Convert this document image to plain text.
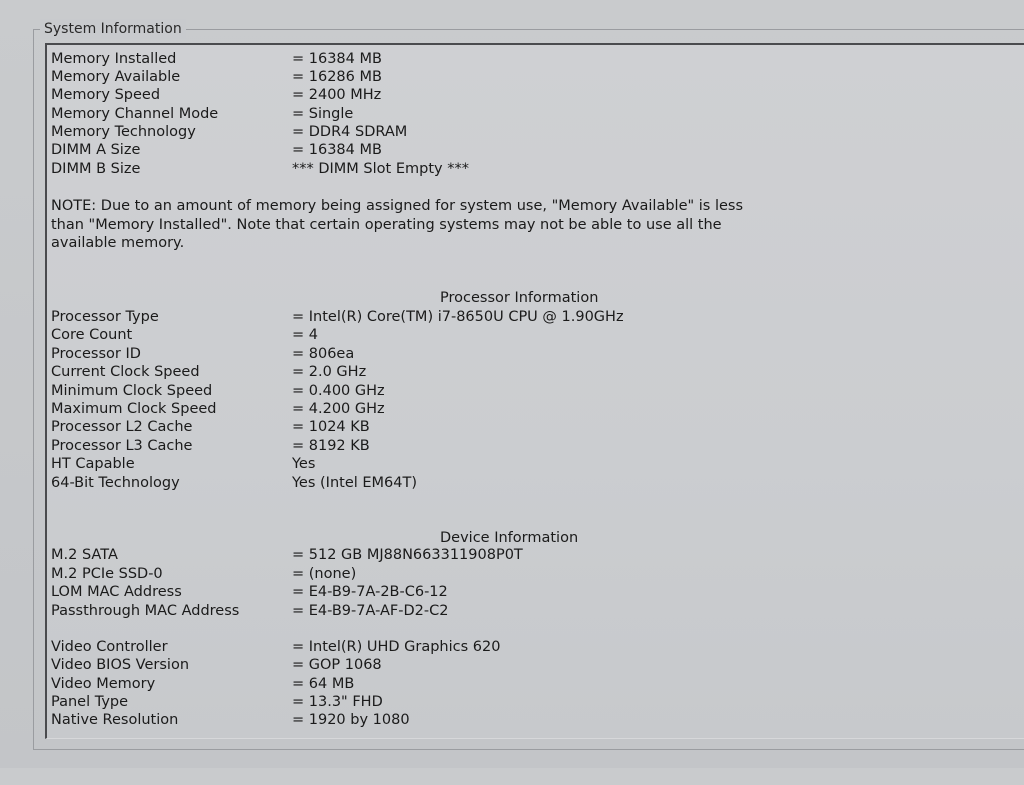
System Information
Memory Installed	= 16384 MB
Memory Available	= 16286 MB
Memory Speed	= 2400 MHz
Memory Channel Mode	= Single
Memory Technology	= DDR4 SDRAM
DIMM A Size	= 16384 MB
DIMM B Size	*** DIMM Slot Empty ***
NOTE: Due to an amount of memory being assigned for system use, "Memory Available" is less
than "Memory Installed". Note that certain operating systems may not be able to use all the
available memory.
Processor Information
Processor Type	= Intel(R) Core(TM) i7-8650U CPU @ 1.90GHz
Core Count	= 4
Processor ID	= 806ea
Current Clock Speed	= 2.0 GHz
Minimum Clock Speed	= 0.400 GHz
Maximum Clock Speed	= 4.200 GHz
Processor L2 Cache	= 1024 KB
Processor L3 Cache	= 8192 KB
HT Capable	Yes
64-Bit Technology	Yes (Intel EM64T)
Device Information
M.2 SATA	= 512 GB MJ88N663311908P0T
M.2 PCIe SSD-0	= (none)
LOM MAC Address	= E4-B9-7A-2B-C6-12
Passthrough MAC Address	= E4-B9-7A-AF-D2-C2
Video Controller	= Intel(R) UHD Graphics 620
Video BIOS Version	= GOP 1068
Video Memory	= 64 MB
Panel Type	= 13.3" FHD
Native Resolution	= 1920 by 1080
